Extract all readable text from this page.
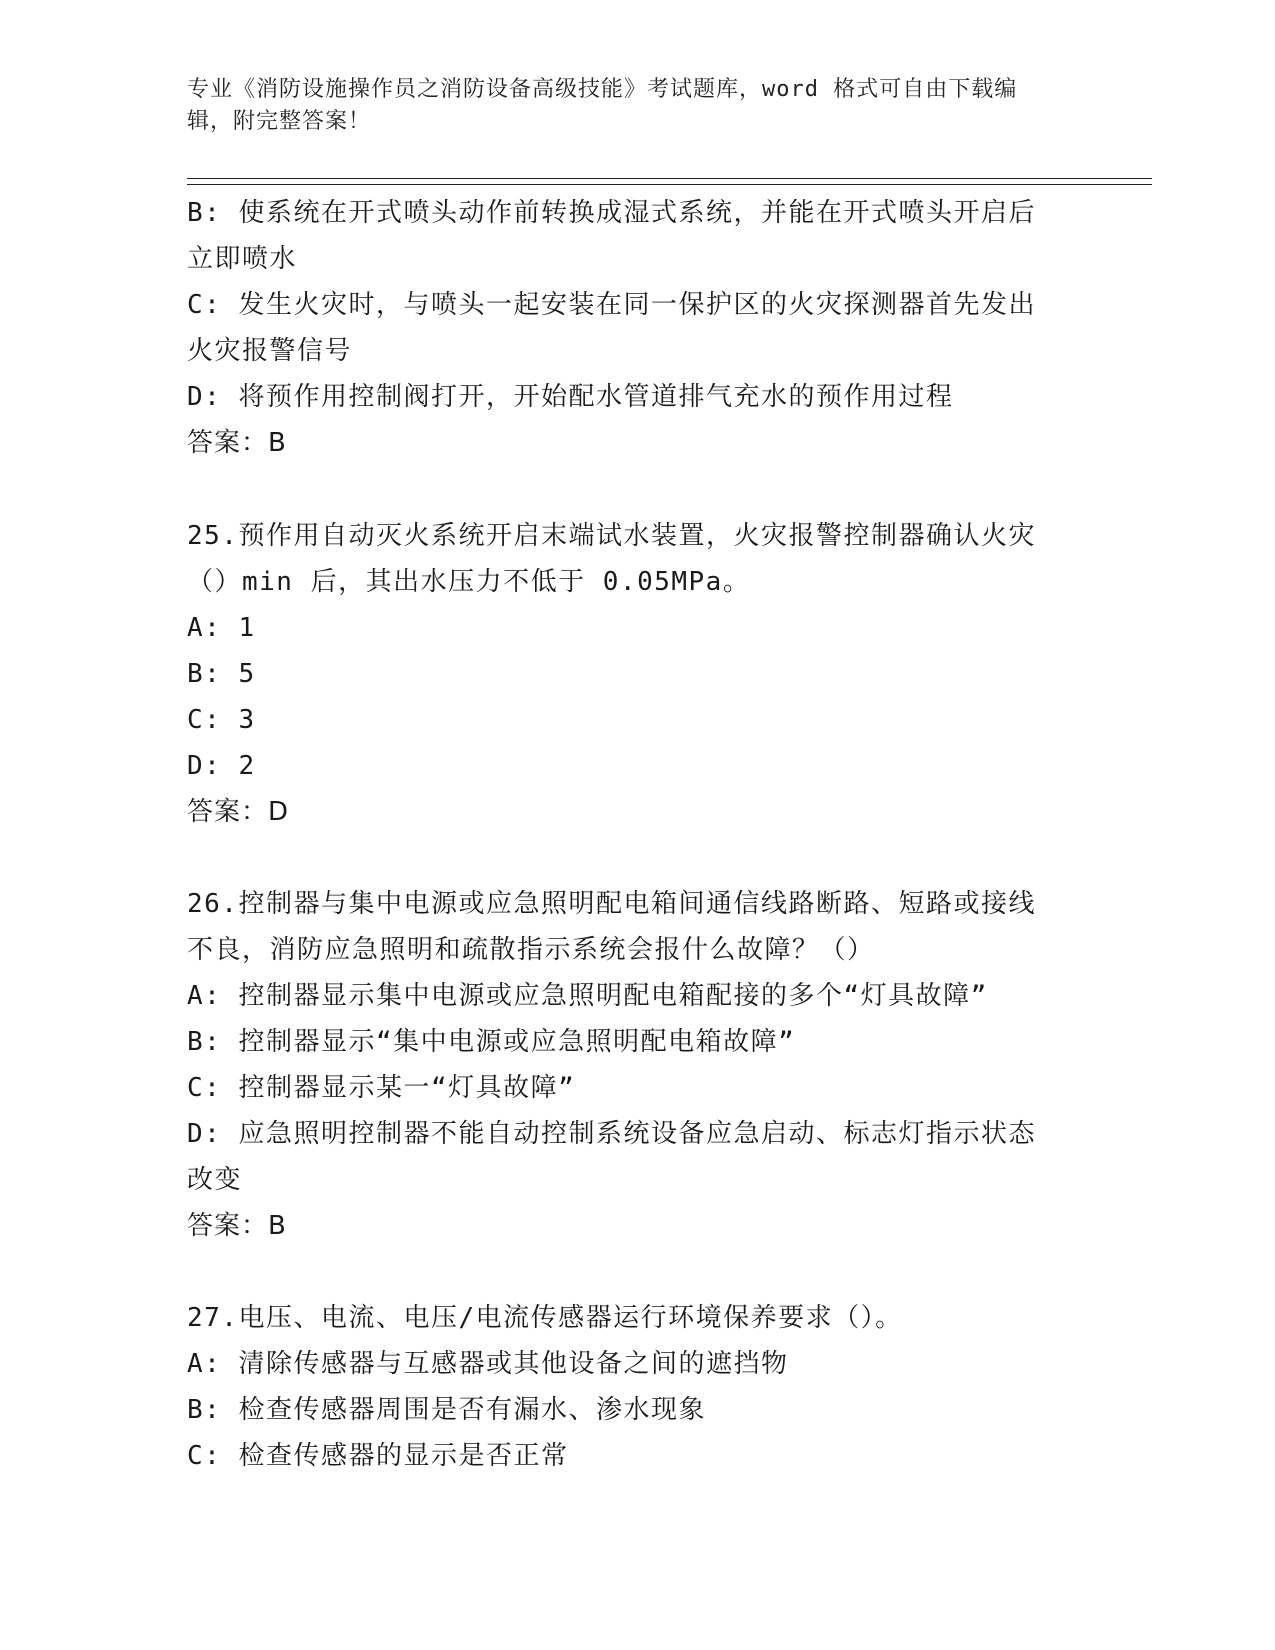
专业《消防设施操作员之消防设备高级技能》考试题库，word 格式可自由下载编
辑，附完整答案！
B: 使系统在开式喷头动作前转换成湿式系统，并能在开式喷头开启后
立即喷水
C: 发生火灾时，与喷头一起安装在同一保护区的火灾探测器首先发出
火灾报警信号
D: 将预作用控制阀打开，开始配水管道排气充水的预作用过程
答案：B
25.预作用自动灭火系统开启末端试水装置，火灾报警控制器确认火灾
（）min 后，其出水压力不低于 0.05MPa。
A: 1
B: 5
C: 3
D: 2
答案：D
26.控制器与集中电源或应急照明配电箱间通信线路断路、短路或接线
不良，消防应急照明和疏散指示系统会报什么故障？（）
A: 控制器显示集中电源或应急照明配电箱配接的多个“灯具故障”
B: 控制器显示“集中电源或应急照明配电箱故障”
C: 控制器显示某一“灯具故障”
D: 应急照明控制器不能自动控制系统设备应急启动、标志灯指示状态
改变
答案：B
27.电压、电流、电压/电流传感器运行环境保养要求（）。
A: 清除传感器与互感器或其他设备之间的遮挡物
B: 检查传感器周围是否有漏水、渗水现象
C: 检查传感器的显示是否正常
